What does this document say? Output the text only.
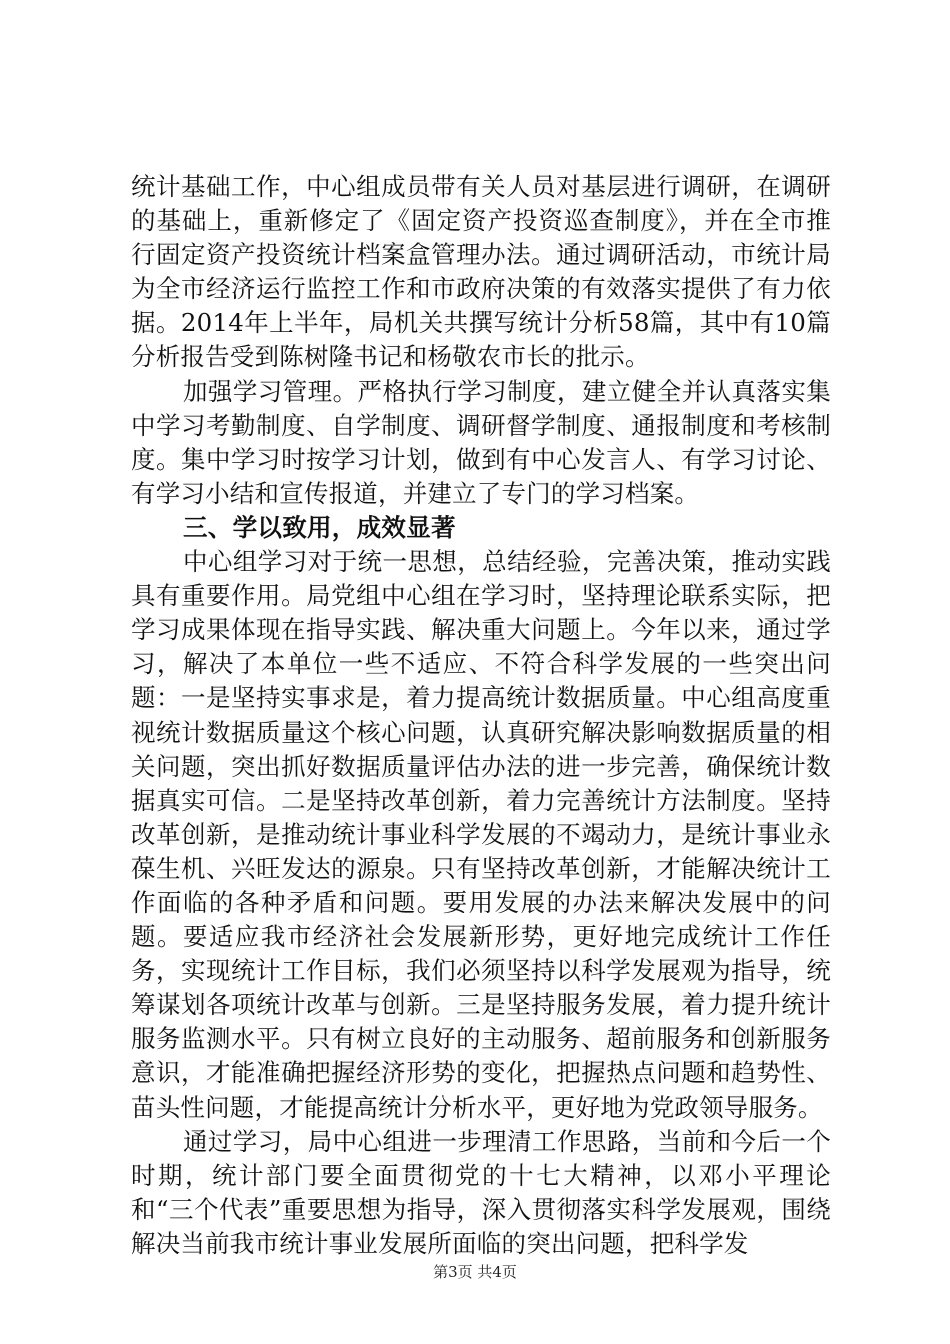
统计基础工作，中心组成员带有关人员对基层进行调研，在调研的基础上，重新修定了《固定资产投资巡查制度》，并在全市推行固定资产投资统计档案盒管理办法。通过调研活动，市统计局为全市经济运行监控工作和市政府决策的有效落实提供了有力依据。2014年上半年，局机关共撰写统计分析58篇，其中有10篇分析报告受到陈树隆书记和杨敬农市长的批示。

加强学习管理。严格执行学习制度，建立健全并认真落实集中学习考勤制度、自学制度、调研督学制度、通报制度和考核制度。集中学习时按学习计划，做到有中心发言人、有学习讨论、有学习小结和宣传报道，并建立了专门的学习档案。

三、学以致用，成效显著

中心组学习对于统一思想，总结经验，完善决策，推动实践具有重要作用。局党组中心组在学习时，坚持理论联系实际，把学习成果体现在指导实践、解决重大问题上。今年以来，通过学习，解决了本单位一些不适应、不符合科学发展的一些突出问题：一是坚持实事求是，着力提高统计数据质量。中心组高度重视统计数据质量这个核心问题，认真研究解决影响数据质量的相关问题，突出抓好数据质量评估办法的进一步完善，确保统计数据真实可信。二是坚持改革创新，着力完善统计方法制度。坚持改革创新，是推动统计事业科学发展的不竭动力，是统计事业永葆生机、兴旺发达的源泉。只有坚持改革创新，才能解决统计工作面临的各种矛盾和问题。要用发展的办法来解决发展中的问题。要适应我市经济社会发展新形势，更好地完成统计工作任务，实现统计工作目标，我们必须坚持以科学发展观为指导，统筹谋划各项统计改革与创新。三是坚持服务发展，着力提升统计服务监测水平。只有树立良好的主动服务、超前服务和创新服务意识，才能准确把握经济形势的变化，把握热点问题和趋势性、苗头性问题，才能提高统计分析水平，更好地为党政领导服务。

通过学习，局中心组进一步理清工作思路，当前和今后一个时期，统计部门要全面贯彻党的十七大精神，以邓小平理论和“三个代表”重要思想为指导，深入贯彻落实科学发展观，围绕解决当前我市统计事业发展所面临的突出问题，把科学发

第3页 共4页
